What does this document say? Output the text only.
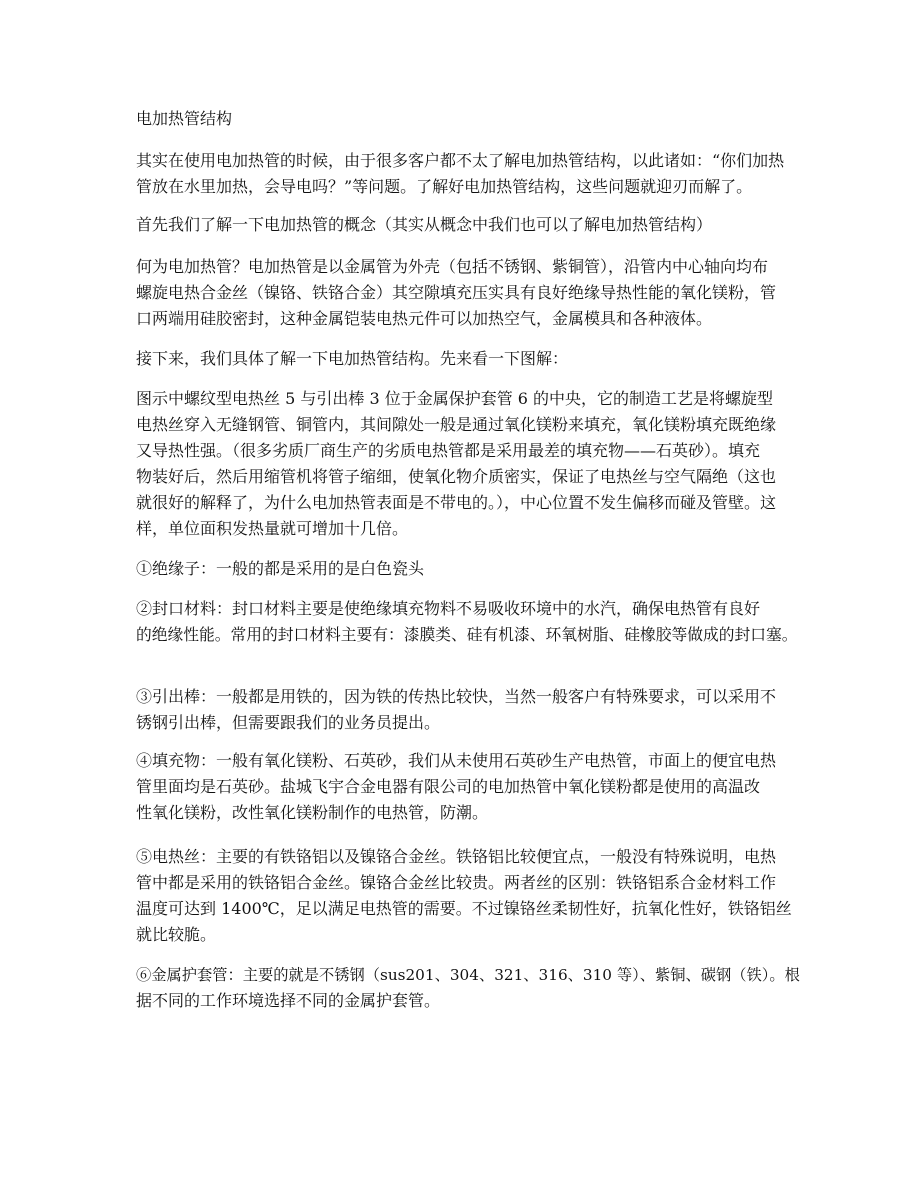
电加热管结构

其实在使用电加热管的时候，由于很多客户都不太了解电加热管结构，以此诸如：“你们加热
管放在水里加热，会导电吗？”等问题。了解好电加热管结构，这些问题就迎刃而解了。

首先我们了解一下电加热管的概念（其实从概念中我们也可以了解电加热管结构）

何为电加热管？电加热管是以金属管为外壳（包括不锈钢、紫铜管），沿管内中心轴向均布
螺旋电热合金丝（镍铬、铁铬合金）其空隙填充压实具有良好绝缘导热性能的氧化镁粉，管
口两端用硅胶密封，这种金属铠装电热元件可以加热空气，金属模具和各种液体。

接下来，我们具体了解一下电加热管结构。先来看一下图解：

图示中螺纹型电热丝 5 与引出棒 3 位于金属保护套管 6 的中央，它的制造工艺是将螺旋型
电热丝穿入无缝钢管、铜管内，其间隙处一般是通过氧化镁粉来填充，氧化镁粉填充既绝缘
又导热性强。（很多劣质厂商生产的劣质电热管都是采用最差的填充物——石英砂）。填充
物装好后，然后用缩管机将管子缩细，使氧化物介质密实，保证了电热丝与空气隔绝（这也
就很好的解释了，为什么电加热管表面是不带电的。），中心位置不发生偏移而碰及管壁。这
样，单位面积发热量就可增加十几倍。

①绝缘子：一般的都是采用的是白色瓷头

②封口材料：封口材料主要是使绝缘填充物料不易吸收环境中的水汽，确保电热管有良好
的绝缘性能。常用的封口材料主要有：漆膜类、硅有机漆、环氧树脂、硅橡胶等做成的封口塞。

③引出棒：一般都是用铁的，因为铁的传热比较快，当然一般客户有特殊要求，可以采用不
锈钢引出棒，但需要跟我们的业务员提出。

④填充物：一般有氧化镁粉、石英砂，我们从未使用石英砂生产电热管，市面上的便宜电热
管里面均是石英砂。盐城飞宇合金电器有限公司的电加热管中氧化镁粉都是使用的高温改
性氧化镁粉，改性氧化镁粉制作的电热管，防潮。

⑤电热丝：主要的有铁铬铝以及镍铬合金丝。铁铬铝比较便宜点，一般没有特殊说明，电热
管中都是采用的铁铬铝合金丝。镍铬合金丝比较贵。两者丝的区别：铁铬铝系合金材料工作
温度可达到 1400℃，足以满足电热管的需要。不过镍铬丝柔韧性好，抗氧化性好，铁铬铝丝
就比较脆。

⑥金属护套管：主要的就是不锈钢（sus201、304、321、316、310 等）、紫铜、碳钢（铁）。根
据不同的工作环境选择不同的金属护套管。
